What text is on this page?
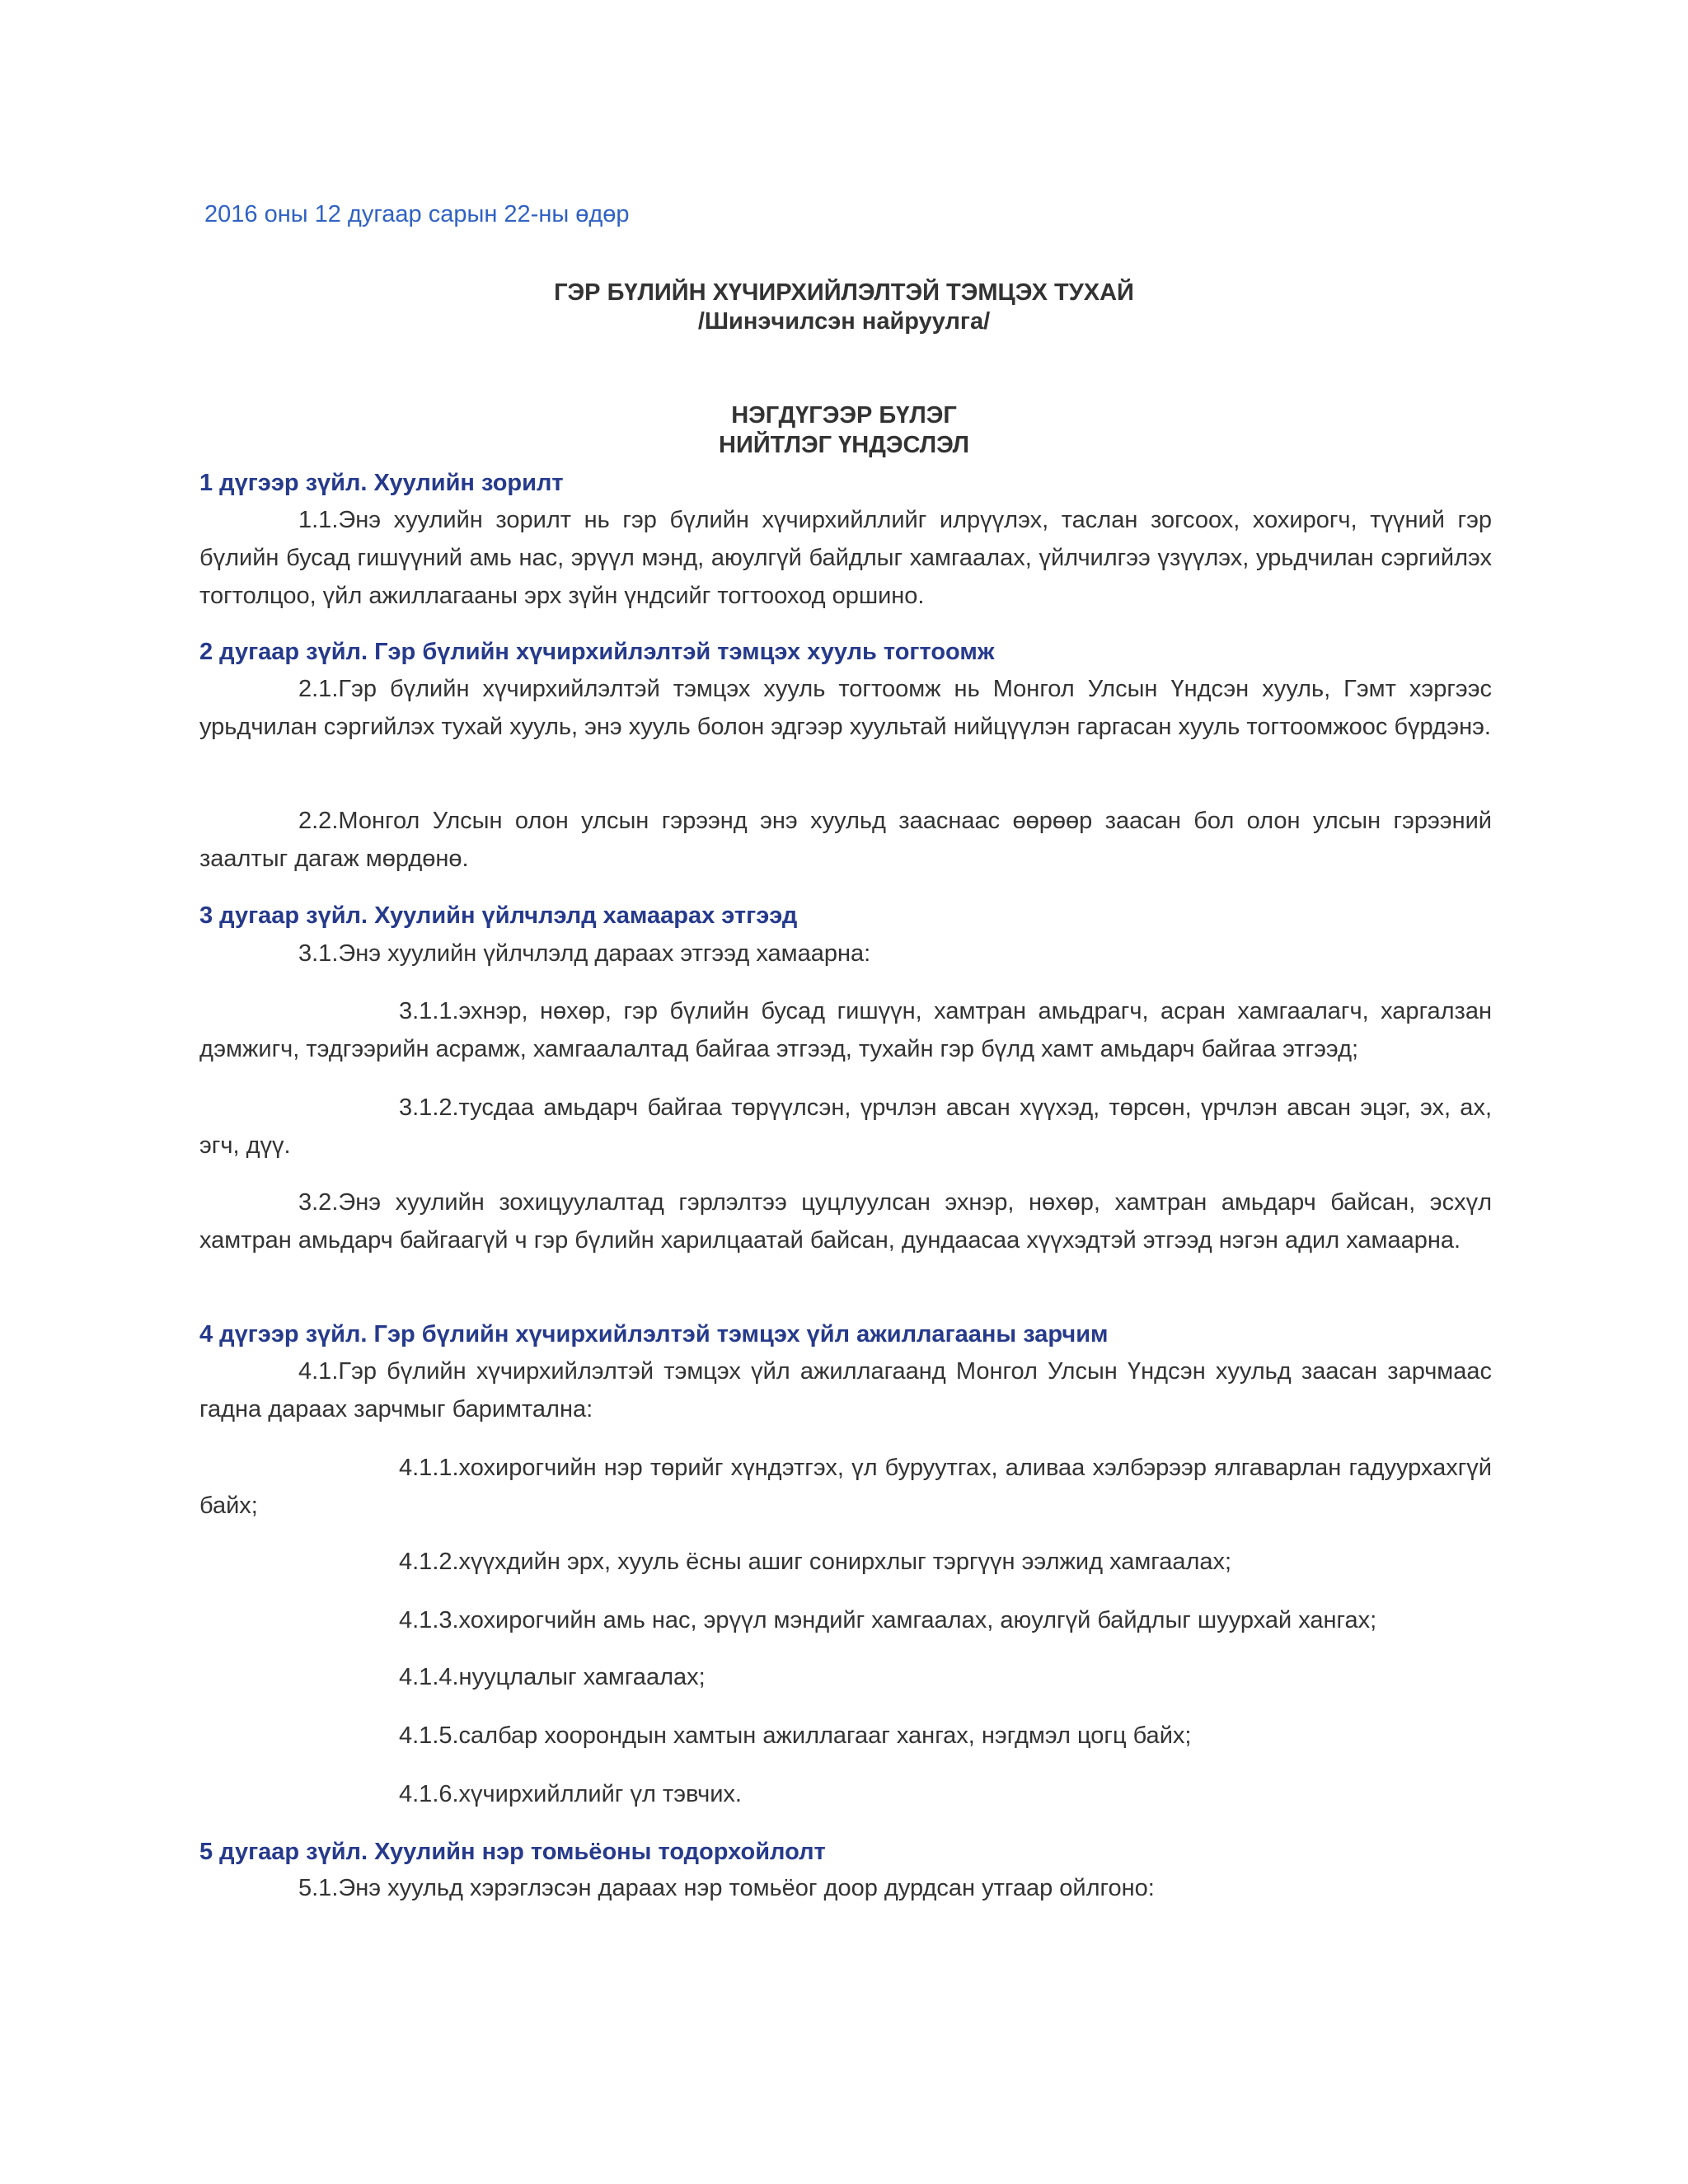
2016 оны 12 дугаар сарын 22-ны өдөр
ГЭР БҮЛИЙН ХҮЧИРХИЙЛЭЛТЭЙ ТЭМЦЭХ ТУХАЙ
/Шинэчилсэн найруулга/
НЭГДҮГЭЭР БҮЛЭГ
НИЙТЛЭГ ҮНДЭСЛЭЛ
1 дүгээр зүйл. Хуулийн зорилт
1.1.Энэ хуулийн зорилт нь гэр бүлийн хүчирхийллийг илрүүлэх, таслан зогсоох, хохирогч, түүний гэр бүлийн бусад гишүүний амь нас, эрүүл мэнд, аюулгүй байдлыг хамгаалах, үйлчилгээ үзүүлэх, урьдчилан сэргийлэх тогтолцоо, үйл ажиллагааны эрх зүйн үндсийг тогтооход оршино.
2 дугаар зүйл. Гэр бүлийн хүчирхийлэлтэй тэмцэх хууль тогтоомж
2.1.Гэр бүлийн хүчирхийлэлтэй тэмцэх хууль тогтоомж нь Монгол Улсын Үндсэн хууль, Гэмт хэргээс урьдчилан сэргийлэх тухай хууль, энэ хууль болон эдгээр хуультай нийцүүлэн гаргасан хууль тогтоомжоос бүрдэнэ.
2.2.Монгол Улсын олон улсын гэрээнд энэ хуульд зааснаас өөрөөр заасан бол олон улсын гэрээний заалтыг дагаж мөрдөнө.
3 дугаар зүйл. Хуулийн үйлчлэлд хамаарах этгээд
3.1.Энэ хуулийн үйлчлэлд дараах этгээд хамаарна:
3.1.1.эхнэр, нөхөр, гэр бүлийн бусад гишүүн, хамтран амьдрагч, асран хамгаалагч, харгалзан дэмжигч, тэдгээрийн асрамж, хамгаалалтад байгаа этгээд, тухайн гэр бүлд хамт амьдарч байгаа этгээд;
3.1.2.тусдаа амьдарч байгаа төрүүлсэн, үрчлэн авсан хүүхэд, төрсөн, үрчлэн авсан эцэг, эх, ах, эгч, дүү.
3.2.Энэ хуулийн зохицуулалтад гэрлэлтээ цуцлуулсан эхнэр, нөхөр, хамтран амьдарч байсан, эсхүл хамтран амьдарч байгаагүй ч гэр бүлийн харилцаатай байсан, дундаасаа хүүхэдтэй этгээд нэгэн адил хамаарна.
4 дүгээр зүйл. Гэр бүлийн хүчирхийлэлтэй тэмцэх үйл ажиллагааны зарчим
4.1.Гэр бүлийн хүчирхийлэлтэй тэмцэх үйл ажиллагаанд Монгол Улсын Үндсэн хуульд заасан зарчмаас гадна дараах зарчмыг баримтална:
4.1.1.хохирогчийн нэр төрийг хүндэтгэх, үл буруутгах, аливаа хэлбэрээр ялгаварлан гадуурхахгүй байх;
4.1.2.хүүхдийн эрх, хууль ёсны ашиг сонирхлыг тэргүүн ээлжид хамгаалах;
4.1.3.хохирогчийн амь нас, эрүүл мэндийг хамгаалах, аюулгүй байдлыг шуурхай хангах;
4.1.4.нууцлалыг хамгаалах;
4.1.5.салбар хоорондын хамтын ажиллагааг хангах, нэгдмэл цогц байх;
4.1.6.хүчирхийллийг үл тэвчих.
5 дугаар зүйл. Хуулийн нэр томьёоны тодорхойлолт
5.1.Энэ хуульд хэрэглэсэн дараах нэр томьёог доор дурдсан утгаар ойлгоно:
